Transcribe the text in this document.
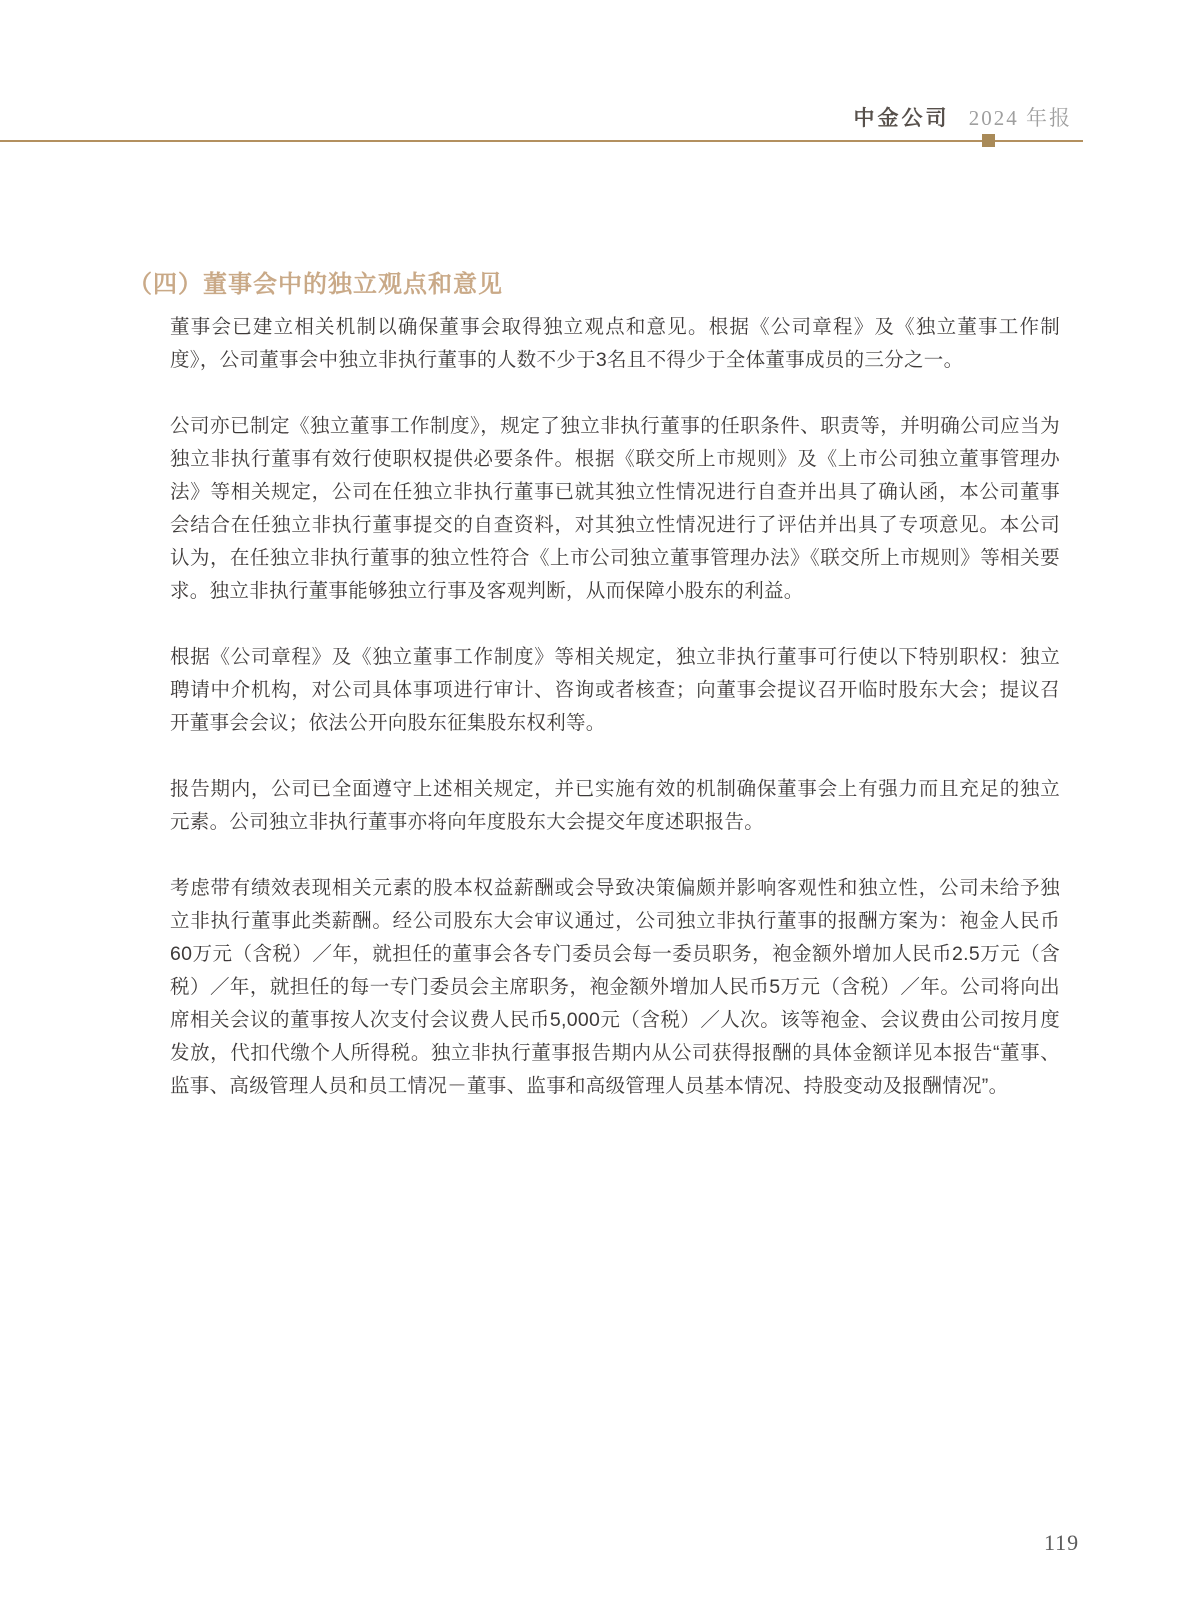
中金公司 2024 年报
（四）董事会中的独立观点和意见

董事会已建立相关机制以确保董事会取得独立观点和意见。根据《公司章程》及《独立董事工作制度》，公司董事会中独立非执行董事的人数不少于3名且不得少于全体董事成员的三分之一。

公司亦已制定《独立董事工作制度》，规定了独立非执行董事的任职条件、职责等，并明确公司应当为独立非执行董事有效行使职权提供必要条件。根据《联交所上市规则》及《上市公司独立董事管理办法》等相关规定，公司在任独立非执行董事已就其独立性情况进行自查并出具了确认函，本公司董事会结合在任独立非执行董事提交的自查资料，对其独立性情况进行了评估并出具了专项意见。本公司认为，在任独立非执行董事的独立性符合《上市公司独立董事管理办法》《联交所上市规则》等相关要求。独立非执行董事能够独立行事及客观判断，从而保障小股东的利益。

根据《公司章程》及《独立董事工作制度》等相关规定，独立非执行董事可行使以下特别职权：独立聘请中介机构，对公司具体事项进行审计、咨询或者核查；向董事会提议召开临时股东大会；提议召开董事会会议；依法公开向股东征集股东权利等。

报告期内，公司已全面遵守上述相关规定，并已实施有效的机制确保董事会上有强力而且充足的独立元素。公司独立非执行董事亦将向年度股东大会提交年度述职报告。

考虑带有绩效表现相关元素的股本权益薪酬或会导致决策偏颇并影响客观性和独立性，公司未给予独立非执行董事此类薪酬。经公司股东大会审议通过，公司独立非执行董事的报酬方案为：袍金人民币60万元（含税）／年，就担任的董事会各专门委员会每一委员职务，袍金额外增加人民币2.5万元（含税）／年，就担任的每一专门委员会主席职务，袍金额外增加人民币5万元（含税）／年。公司将向出席相关会议的董事按人次支付会议费人民币5,000元（含税）／人次。该等袍金、会议费由公司按月度发放，代扣代缴个人所得税。独立非执行董事报告期内从公司获得报酬的具体金额详见本报告“董事、监事、高级管理人员和员工情况－董事、监事和高级管理人员基本情况、持股变动及报酬情况”。

119
